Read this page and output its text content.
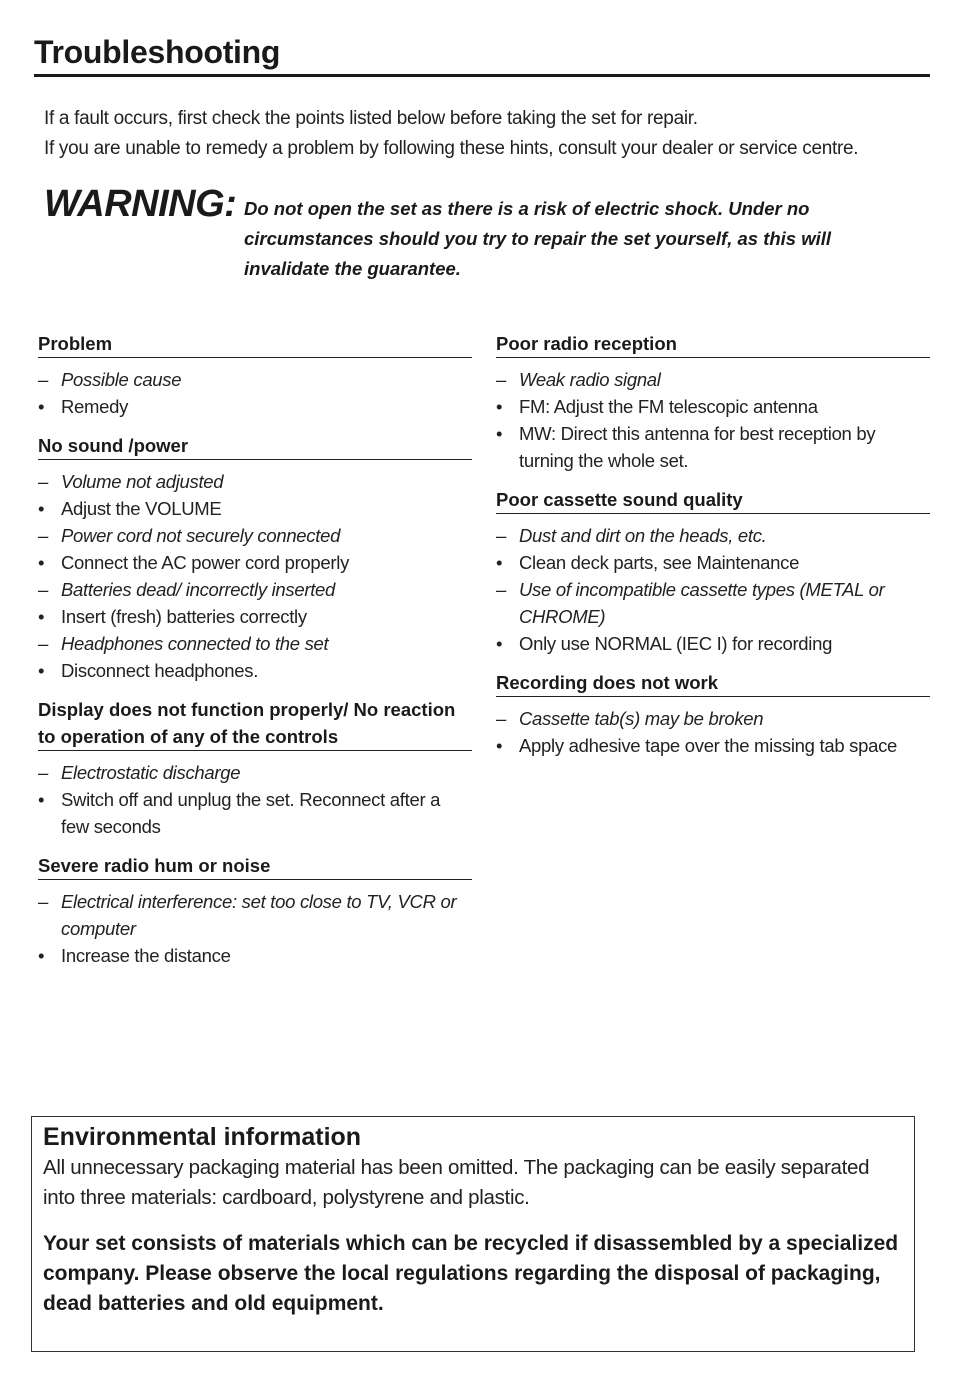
Troubleshooting

If a fault occurs, first check the points listed below before taking the set for repair.

If you are unable to remedy a problem by following these hints, consult your dealer or service centre.

WARNING: Do not open the set as there is a risk of electric shock. Under no circumstances should you try to repair the set yourself, as this will invalidate the guarantee.
Problem
– Possible cause
• Remedy
No sound /power
– Volume not adjusted
• Adjust the VOLUME
– Power cord not securely connected
• Connect the AC power cord properly
– Batteries dead/ incorrectly inserted
• Insert (fresh) batteries correctly
– Headphones connected to the set
• Disconnect headphones.
Display does not function properly/ No reaction to operation of any of the controls
– Electrostatic discharge
• Switch off and unplug the set. Reconnect after a few seconds
Severe radio hum or noise
– Electrical interference: set too close to TV, VCR or computer
• Increase the distance
Poor radio reception
– Weak radio signal
• FM: Adjust the FM telescopic antenna
• MW: Direct this antenna for best reception by turning the whole set.
Poor cassette sound quality
– Dust and dirt on the heads, etc.
• Clean deck parts, see Maintenance
– Use of incompatible cassette types (METAL or CHROME)
• Only use NORMAL (IEC I) for recording
Recording does not work
– Cassette tab(s) may be broken
• Apply adhesive tape over the missing tab space
Environmental information
All unnecessary packaging material has been omitted. The packaging can be easily separated into three materials: cardboard, polystyrene and plastic.
Your set consists of materials which can be recycled if disassembled by a specialized company. Please observe the local regulations regarding the disposal of packaging, dead batteries and old equipment.
